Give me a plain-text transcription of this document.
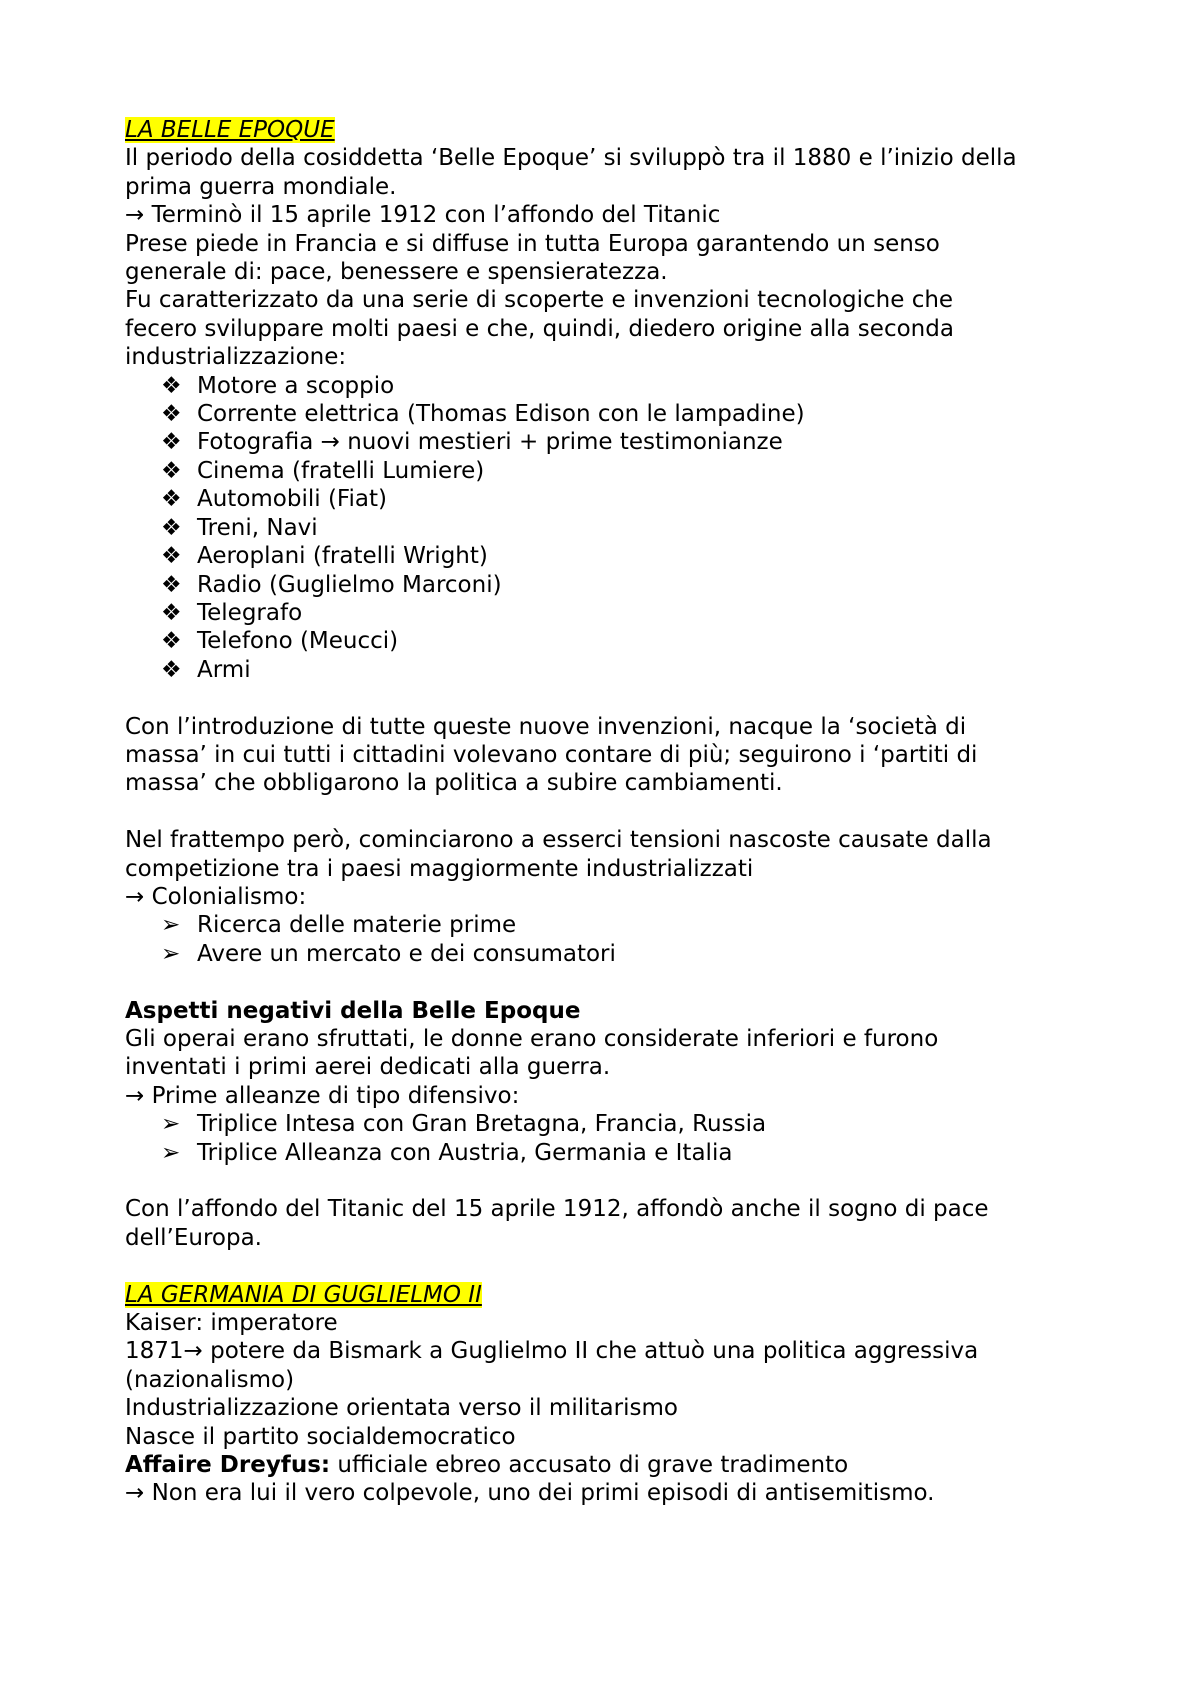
LA BELLE EPOQUE

Il periodo della cosiddetta ‘Belle Epoque’ si sviluppò tra il 1880 e l’inizio della

prima guerra mondiale.

→ Terminò il 15 aprile 1912 con l’affondo del Titanic

Prese piede in Francia e si diffuse in tutta Europa garantendo un senso

generale di: pace, benessere e spensieratezza.

Fu caratterizzato da una serie di scoperte e invenzioni tecnologiche che

fecero sviluppare molti paesi e che, quindi, diedero origine alla seconda

industrializzazione:

❖ Motore a scoppio
❖ Corrente elettrica (Thomas Edison con le lampadine)
❖ Fotografia → nuovi mestieri + prime testimonianze
❖ Cinema (fratelli Lumiere)
❖ Automobili (Fiat)
❖ Treni, Navi
❖ Aeroplani (fratelli Wright)
❖ Radio (Guglielmo Marconi)
❖ Telegrafo
❖ Telefono (Meucci)
❖ Armi

Con l’introduzione di tutte queste nuove invenzioni, nacque la ‘società di

massa’ in cui tutti i cittadini volevano contare di più; seguirono i ‘partiti di

massa’ che obbligarono la politica a subire cambiamenti.

Nel frattempo però, cominciarono a esserci tensioni nascoste causate dalla

competizione tra i paesi maggiormente industrializzati

→ Colonialismo:

➢ Ricerca delle materie prime
➢ Avere un mercato e dei consumatori

Aspetti negativi della Belle Epoque

Gli operai erano sfruttati, le donne erano considerate inferiori e furono

inventati i primi aerei dedicati alla guerra.

→ Prime alleanze di tipo difensivo:

➢ Triplice Intesa con Gran Bretagna, Francia, Russia
➢ Triplice Alleanza con Austria, Germania e Italia

Con l’affondo del Titanic del 15 aprile 1912, affondò anche il sogno di pace

dell’Europa.

LA GERMANIA DI GUGLIELMO II

Kaiser: imperatore

1871→ potere da Bismark a Guglielmo II che attuò una politica aggressiva

(nazionalismo)

Industrializzazione orientata verso il militarismo

Nasce il partito socialdemocratico

Affaire Dreyfus: ufficiale ebreo accusato di grave tradimento

→ Non era lui il vero colpevole, uno dei primi episodi di antisemitismo.
